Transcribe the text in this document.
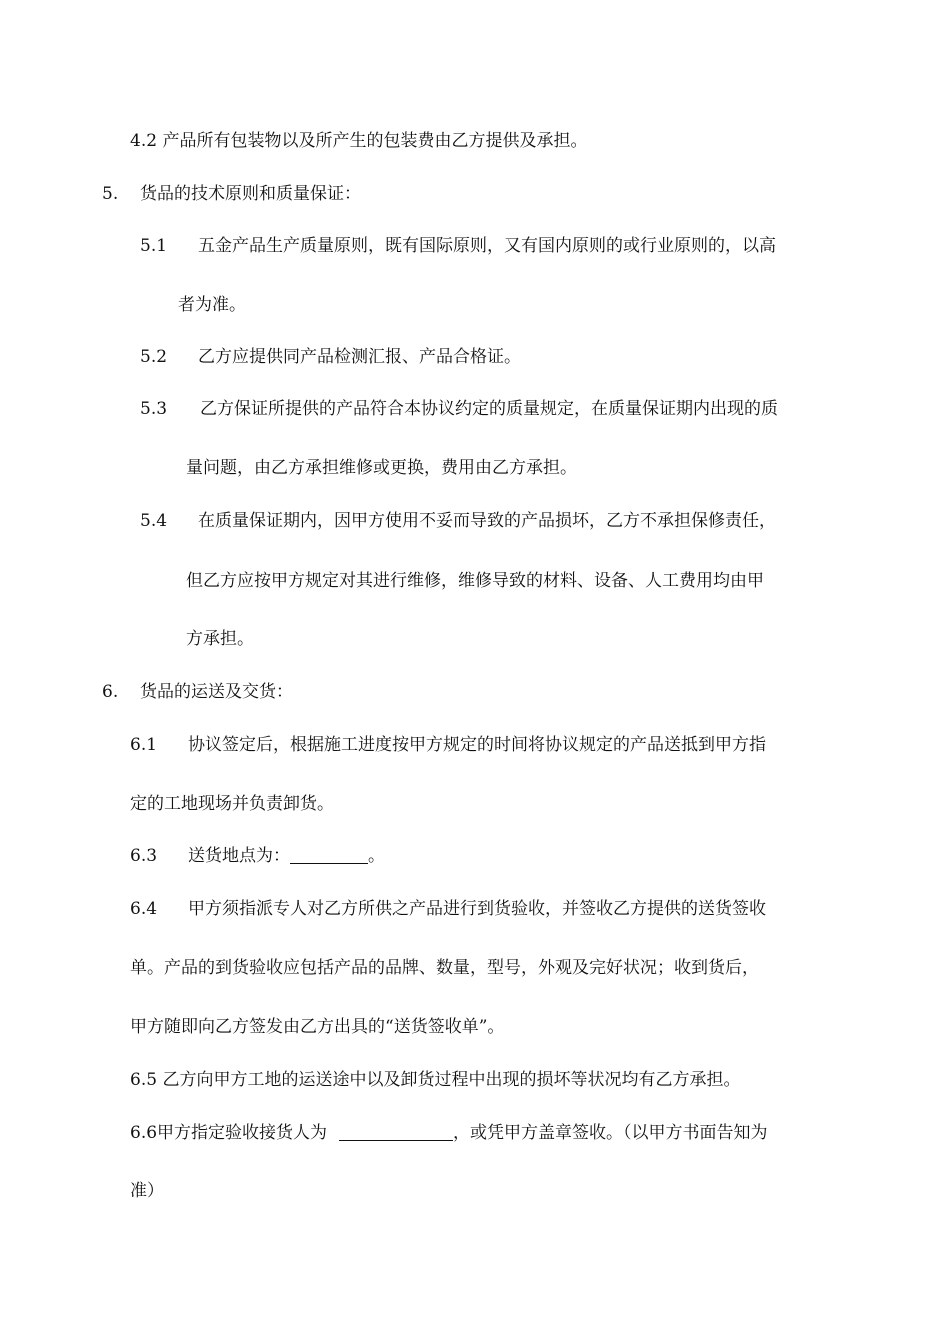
4.2 产品所有包装物以及所产生的包装费由乙方提供及承担。
5. 货品的技术原则和质量保证：
5.1 五金产品生产质量原则，既有国际原则，又有国内原则的或行业原则的，以高
者为准。
5.2 乙方应提供同产品检测汇报、产品合格证。
5.3 乙方保证所提供的产品符合本协议约定的质量规定，在质量保证期内出现的质
量问题，由乙方承担维修或更换，费用由乙方承担。
5.4 在质量保证期内，因甲方使用不妥而导致的产品损坏，乙方不承担保修责任，
但乙方应按甲方规定对其进行维修，维修导致的材料、设备、人工费用均由甲
方承担。
6. 货品的运送及交货：
6.1 协议签定后，根据施工进度按甲方规定的时间将协议规定的产品送抵到甲方指
定的工地现场并负责卸货。
6.3 送货地点为：	。
6.4 甲方须指派专人对乙方所供之产品进行到货验收，并签收乙方提供的送货签收
单。产品的到货验收应包括产品的品牌、数量，型号，外观及完好状况；收到货后，
甲方随即向乙方签发由乙方出具的“送货签收单”。
6.5 乙方向甲方工地的运送途中以及卸货过程中出现的损坏等状况均有乙方承担。
6.6甲方指定验收接货人为	，或凭甲方盖章签收。（以甲方书面告知为
准）
